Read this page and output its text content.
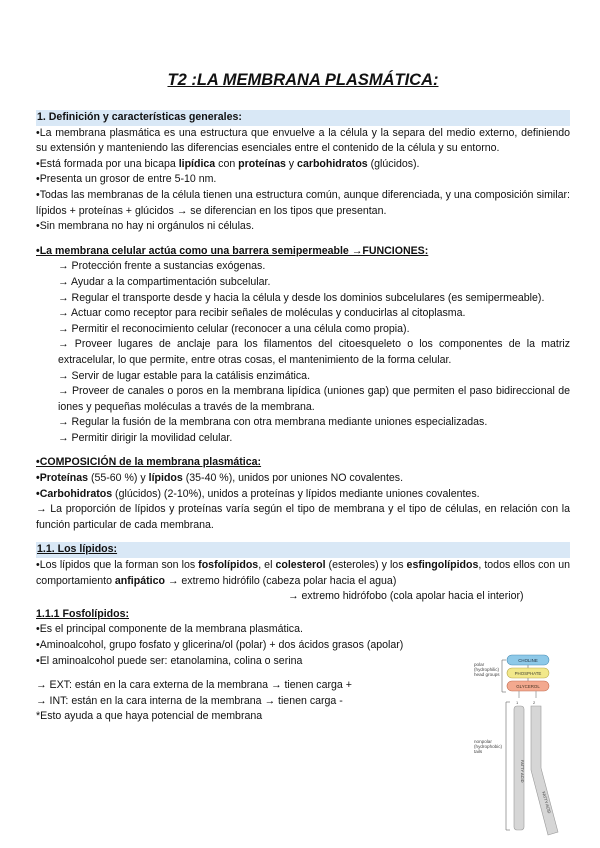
T2 :LA MEMBRANA PLASMÁTICA:

1. Definición y características generales:

•La membrana plasmática es una estructura que envuelve a la célula y la separa del medio externo, definiendo su extensión y manteniendo las diferencias esenciales entre el contenido de la célula y su entorno.

•Está formada por una bicapa lipídica con proteínas y carbohidratos (glúcidos).

•Presenta un grosor de entre 5-10 nm.

•Todas las membranas de la célula tienen una estructura común, aunque diferenciada, y una composición similar: lípidos + proteínas + glúcidos → se diferencian en los tipos que presentan.

•Sin membrana no hay ni orgánulos ni células.

•La membrana celular actúa como una barrera semipermeable →FUNCIONES:

→ Protección frente a sustancias exógenas.

→ Ayudar a la compartimentación subcelular.

→ Regular el transporte desde y hacia la célula y desde los dominios subcelulares (es semipermeable).

→ Actuar como receptor para recibir señales de moléculas y conducirlas al citoplasma.

→ Permitir el reconocimiento celular (reconocer a una célula como propia).

→ Proveer lugares de anclaje para los filamentos del citoesqueleto o los componentes de la matriz extracelular, lo que permite, entre otras cosas, el mantenimiento de la forma celular.

→ Servir de lugar estable para la catálisis enzimática.

→ Proveer de canales o poros en la membrana lipídica (uniones gap) que permiten el paso bidireccional de iones y pequeñas moléculas a través de la membrana.

→ Regular la fusión de la membrana con otra membrana mediante uniones especializadas.

→ Permitir dirigir la movilidad celular.

•COMPOSICIÓN de la membrana plasmática:

•Proteínas (55-60 %) y lípidos (35-40 %), unidos por uniones NO covalentes.

•Carbohidratos (glúcidos) (2-10%), unidos a proteínas y lípidos mediante uniones covalentes.

→ La proporción de lípidos y proteínas varía según el tipo de membrana y el tipo de células, en relación con la función particular de cada membrana.

1.1. Los lípidos:

•Los lípidos que la forman son los fosfolípidos, el colesterol (esteroles) y los esfingolípidos, todos ellos con un comportamiento anfipático → extremo hidrófilo (cabeza polar hacia el agua)

→ extremo hidrófobo (cola apolar hacia el interior)

1.1.1 Fosfolípidos:

•Es el principal componente de la membrana plasmática.

•Aminoalcohol, grupo fosfato y glicerina/ol (polar) + dos ácidos grasos (apolar)

•El aminoalcohol puede ser: etanolamina, colina o serina

→ EXT: están en la cara externa de la membrana → tienen carga +

→ INT: están en la cara interna de la membrana → tienen carga -

*Esto ayuda a que haya potencial de membrana

polar (hydrophilic) head groups
CHOLINE
PHOSPHATE
GLYCEROL
1	2
nonpolar (hydrophobic) tails
FATTY ACID
FATTY ACID
